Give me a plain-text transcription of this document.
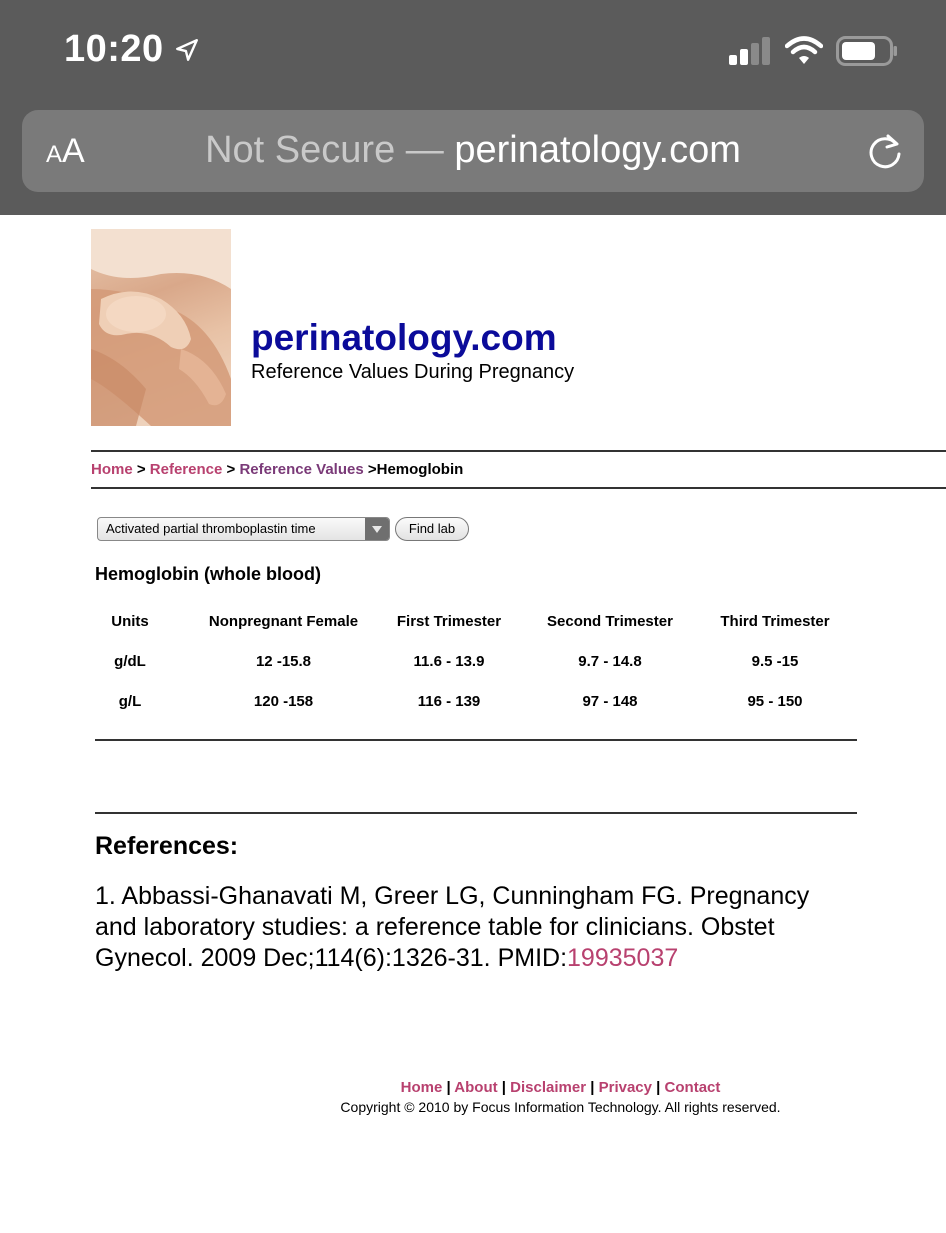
10:20
AA	Not Secure — perinatology.com
perinatology.com
Reference Values During Pregnancy
Home > Reference > Reference Values >Hemoglobin
Activated partial thromboplastin time	Find lab
Hemoglobin (whole blood)
Units	Nonpregnant Female	First Trimester	Second Trimester	Third Trimester
g/dL	12 -15.8	11.6 - 13.9	9.7 - 14.8	9.5 -15
g/L	120 -158	116 - 139	97 - 148	95 - 150
References:
1. Abbassi-Ghanavati M, Greer LG, Cunningham FG. Pregnancy and laboratory studies: a reference table for clinicians. Obstet Gynecol. 2009 Dec;114(6):1326-31. PMID:19935037
Home | About | Disclaimer | Privacy | Contact
Copyright © 2010 by Focus Information Technology. All rights reserved.
